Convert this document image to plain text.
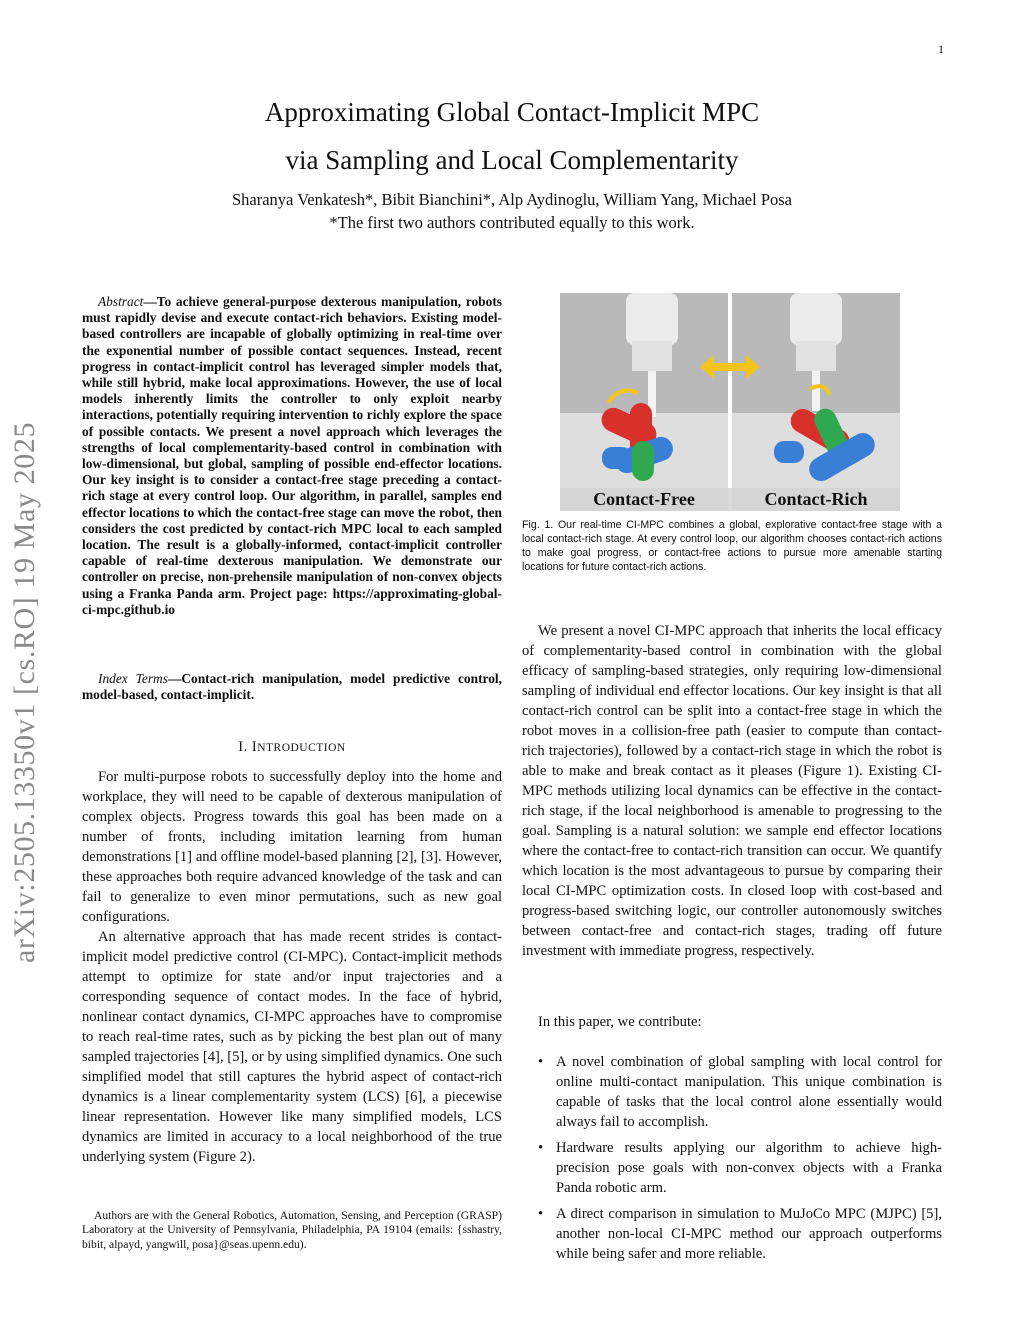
1
Approximating Global Contact-Implicit MPC
via Sampling and Local Complementarity
Sharanya Venkatesh*, Bibit Bianchini*, Alp Aydinoglu, William Yang, Michael Posa
*The first two authors contributed equally to this work.
arXiv:2505.13350v1 [cs.RO] 19 May 2025

Abstract—To achieve general-purpose dexterous manipulation, robots must rapidly devise and execute contact-rich behaviors. Existing model-based controllers are incapable of globally optimizing in real-time over the exponential number of possible contact sequences. Instead, recent progress in contact-implicit control has leveraged simpler models that, while still hybrid, make local approximations. However, the use of local models inherently limits the controller to only exploit nearby interactions, potentially requiring intervention to richly explore the space of possible contacts. We present a novel approach which leverages the strengths of local complementarity-based control in combination with low-dimensional, but global, sampling of possible end-effector locations. Our key insight is to consider a contact-free stage preceding a contact-rich stage at every control loop. Our algorithm, in parallel, samples end effector locations to which the contact-free stage can move the robot, then considers the cost predicted by contact-rich MPC local to each sampled location. The result is a globally-informed, contact-implicit controller capable of real-time dexterous manipulation. We demonstrate our controller on precise, non-prehensile manipulation of non-convex objects using a Franka Panda arm. Project page: https://approximating-global-ci-mpc.github.io

Index Terms—Contact-rich manipulation, model predictive control, model-based, contact-implicit.

I. INTRODUCTION

For multi-purpose robots to successfully deploy into the home and workplace, they will need to be capable of dexterous manipulation of complex objects. Progress towards this goal has been made on a number of fronts, including imitation learning from human demonstrations [1] and offline model-based planning [2], [3]. However, these approaches both require advanced knowledge of the task and can fail to generalize to even minor permutations, such as new goal configurations.

An alternative approach that has made recent strides is contact-implicit model predictive control (CI-MPC). Contact-implicit methods attempt to optimize for state and/or input trajectories and a corresponding sequence of contact modes. In the face of hybrid, nonlinear contact dynamics, CI-MPC approaches have to compromise to reach real-time rates, such as by picking the best plan out of many sampled trajectories [4], [5], or by using simplified dynamics. One such simplified model that still captures the hybrid aspect of contact-rich dynamics is a linear complementarity system (LCS) [6], a piecewise linear representation. However like many simplified models, LCS dynamics are limited in accuracy to a local neighborhood of the true underlying system (Figure 2).

Authors are with the General Robotics, Automation, Sensing, and Perception (GRASP) Laboratory at the University of Pennsylvania, Philadelphia, PA 19104 (emails: {sshastry, bibit, alpayd, yangwill, posa}@seas.upenn.edu).

Contact-Free	Contact-Rich
Fig. 1. Our real-time CI-MPC combines a global, explorative contact-free stage with a local contact-rich stage. At every control loop, our algorithm chooses contact-rich actions to make goal progress, or contact-free actions to pursue more amenable starting locations for future contact-rich actions.

We present a novel CI-MPC approach that inherits the local efficacy of complementarity-based control in combination with the global efficacy of sampling-based strategies, only requiring low-dimensional sampling of individual end effector locations. Our key insight is that all contact-rich control can be split into a contact-free stage in which the robot moves in a collision-free path (easier to compute than contact-rich trajectories), followed by a contact-rich stage in which the robot is able to make and break contact as it pleases (Figure 1). Existing CI-MPC methods utilizing local dynamics can be effective in the contact-rich stage, if the local neighborhood is amenable to progressing to the goal. Sampling is a natural solution: we sample end effector locations where the contact-free to contact-rich transition can occur. We quantify which location is the most advantageous to pursue by comparing their local CI-MPC optimization costs. In closed loop with cost-based and progress-based switching logic, our controller autonomously switches between contact-free and contact-rich stages, trading off future investment with immediate progress, respectively.

In this paper, we contribute:

• A novel combination of global sampling with local control for online multi-contact manipulation. This unique combination is capable of tasks that the local control alone essentially would always fail to accomplish.
• Hardware results applying our algorithm to achieve high-precision pose goals with non-convex objects with a Franka Panda robotic arm.
• A direct comparison in simulation to MuJoCo MPC (MJPC) [5], another non-local CI-MPC method our approach outperforms while being safer and more reliable.
